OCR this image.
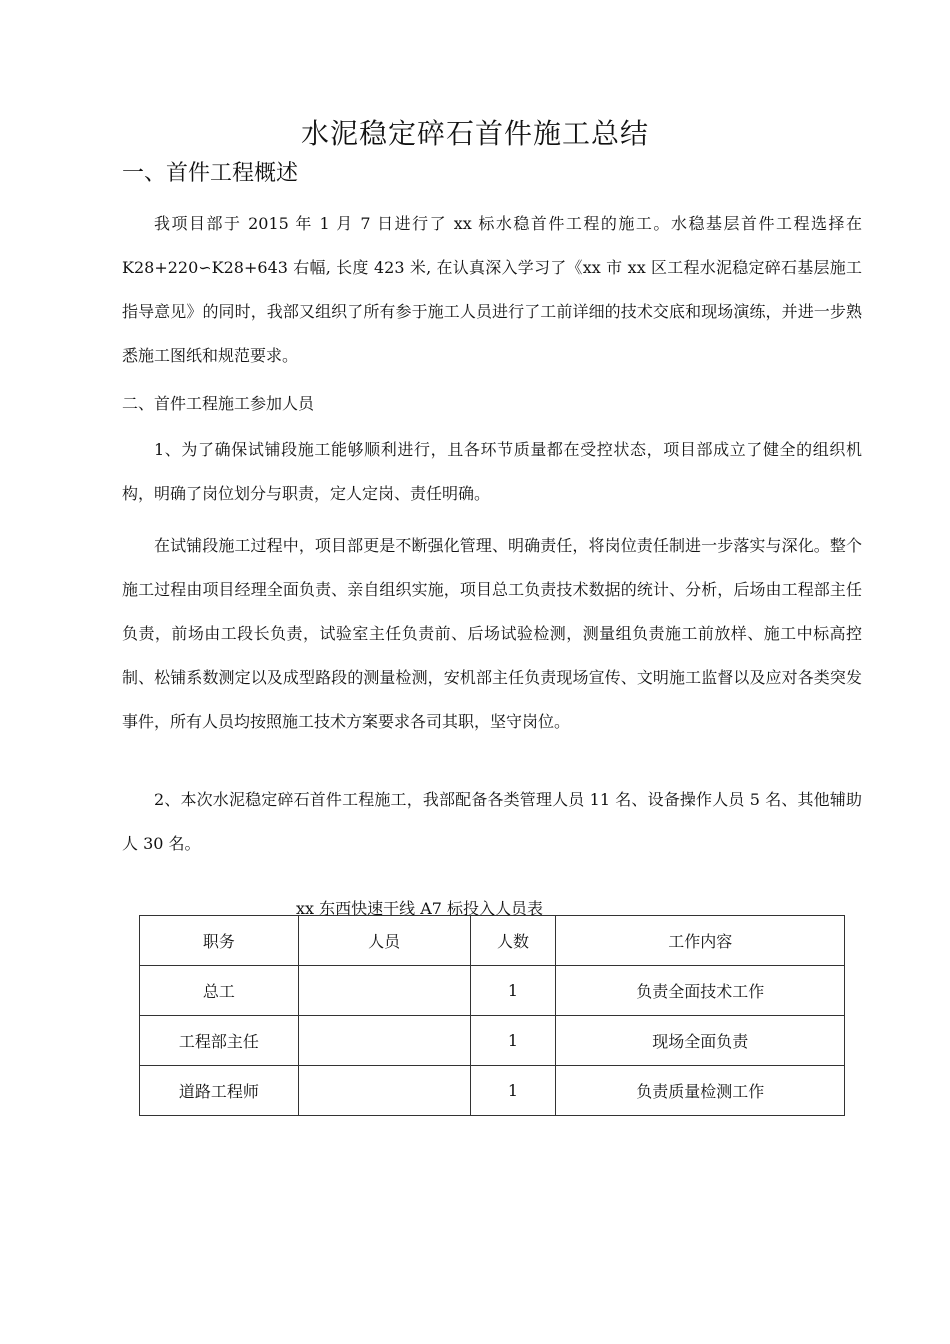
水泥稳定碎石首件施工总结
一、首件工程概述

我项目部于 2015 年 1 月 7 日进行了 xx 标水稳首件工程的施工。水稳基层首件工程选择在 K28+220∽K28+643 右幅, 长度 423 米, 在认真深入学习了《xx 市 xx 区工程水泥稳定碎石基层施工指导意见》的同时，我部又组织了所有参于施工人员进行了工前详细的技术交底和现场演练，并进一步熟悉施工图纸和规范要求。

二、首件工程施工参加人员

1、为了确保试铺段施工能够顺利进行，且各环节质量都在受控状态，项目部成立了健全的组织机构，明确了岗位划分与职责，定人定岗、责任明确。

在试铺段施工过程中，项目部更是不断强化管理、明确责任，将岗位责任制进一步落实与深化。整个施工过程由项目经理全面负责、亲自组织实施，项目总工负责技术数据的统计、分析，后场由工程部主任负责，前场由工段长负责，试验室主任负责前、后场试验检测，测量组负责施工前放样、施工中标高控制、松铺系数测定以及成型路段的测量检测，安机部主任负责现场宣传、文明施工监督以及应对各类突发事件，所有人员均按照施工技术方案要求各司其职，坚守岗位。

2、本次水泥稳定碎石首件工程施工，我部配备各类管理人员 11 名、设备操作人员 5 名、其他辅助人 30 名。

xx 东西快速干线 A7 标投入人员表
职务	人员	人数	工作内容
总工		1	负责全面技术工作
工程部主任		1	现场全面负责
道路工程师		1	负责质量检测工作
